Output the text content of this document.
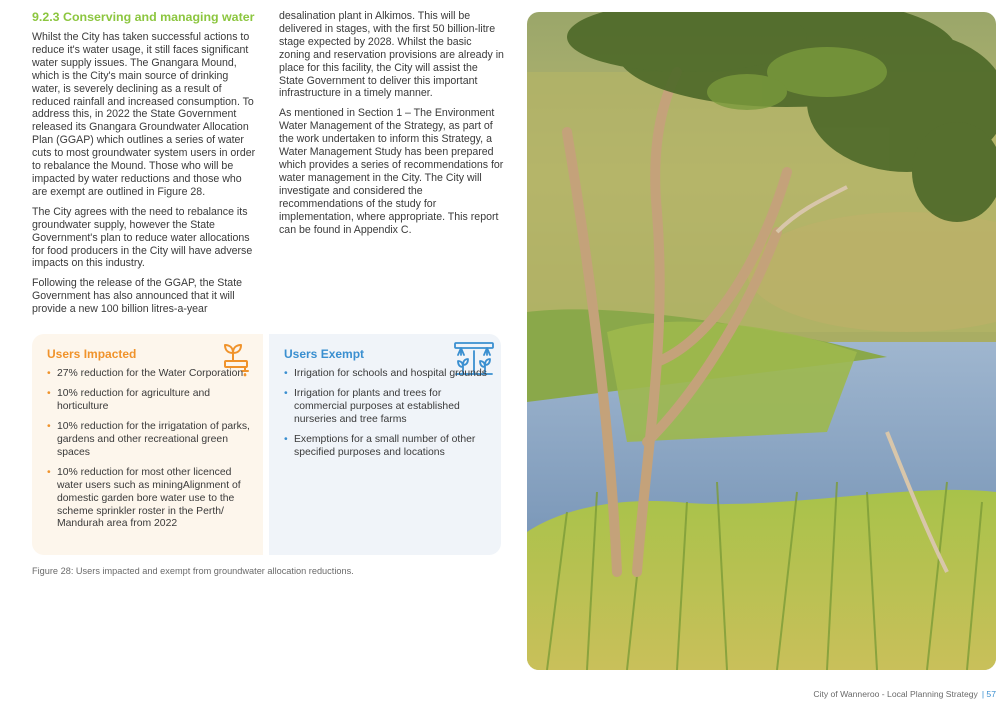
9.2.3 Conserving and managing water

Whilst the City has taken successful actions to reduce it's water usage, it still faces significant water supply issues. The Gnangara Mound, which is the City's main source of drinking water, is severely declining as a result of reduced rainfall and increased consumption. To address this, in 2022 the State Government released its Gnangara Groundwater Allocation Plan (GGAP) which outlines a series of water cuts to most groundwater system users in order to rebalance the Mound. Those who will be impacted by water reductions and those who are exempt are outlined in Figure 28.

The City agrees with the need to rebalance its groundwater supply, however the State Government's plan to reduce water allocations for food producers in the City will have adverse impacts on this industry.

Following the release of the GGAP, the State Government has also announced that it will provide a new 100 billion litres-a-year

desalination plant in Alkimos. This will be delivered in stages, with the first 50 billion-litre stage expected by 2028. Whilst the basic zoning and reservation provisions are already in place for this facility, the City will assist the State Government to deliver this important infrastructure in a timely manner.

As mentioned in Section 1 – The Environment Water Management of the Strategy, as part of the work undertaken to inform this Strategy, a Water Management Study has been prepared which provides a series of recommendations for water management in the City. The City will investigate and considered the recommendations of the study for implementation, where appropriate. This report can be found in Appendix C.

Users Impacted
• 27% reduction for the Water Corporation
• 10% reduction for agriculture and horticulture
• 10% reduction for the irrigatation of parks, gardens and other recreational green spaces
• 10% reduction for most other licenced water users such as miningAlignment of domestic garden bore water use to the scheme sprinkler roster in the Perth/ Mandurah area from 2022
Users Exempt
• Irrigation for schools and hospital grounds
• Irrigation for plants and trees for commercial purposes at established nurseries and tree farms
• Exemptions for a small number of other specified purposes and locations
Figure 28: Users impacted and exempt from groundwater allocation reductions.
City of Wanneroo - Local Planning Strategy | 57
